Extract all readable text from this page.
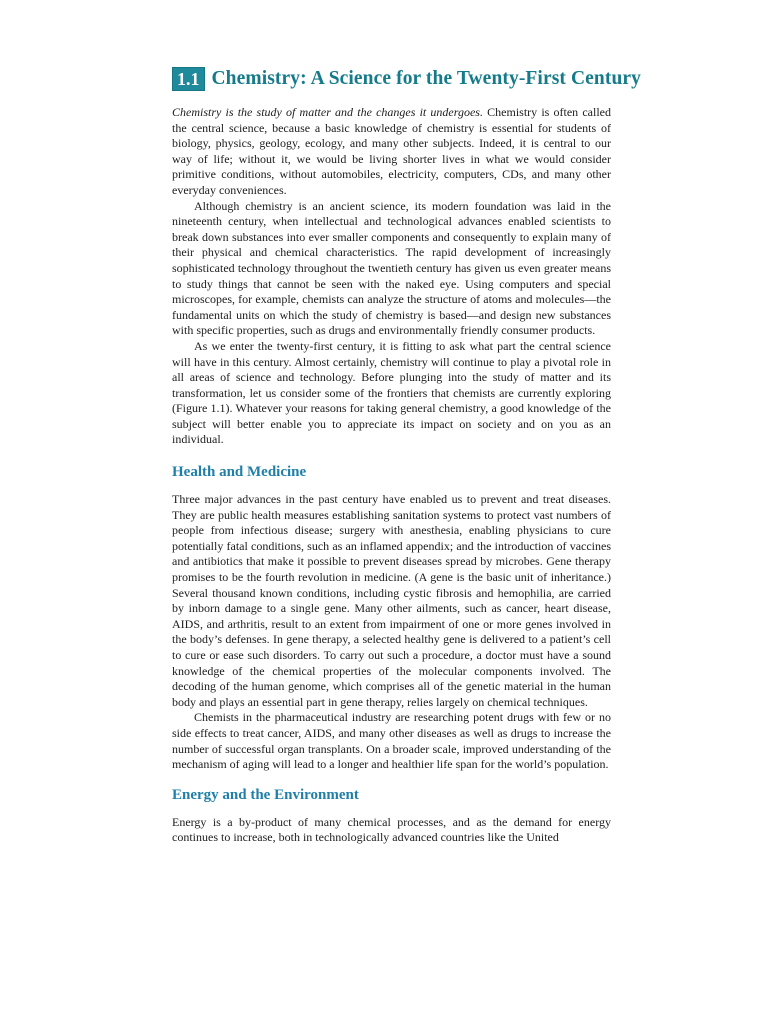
1.1 Chemistry: A Science for the Twenty-First Century

Chemistry is the study of matter and the changes it undergoes. Chemistry is often called the central science, because a basic knowledge of chemistry is essential for students of biology, physics, geology, ecology, and many other subjects. Indeed, it is central to our way of life; without it, we would be living shorter lives in what we would consider primitive conditions, without automobiles, electricity, computers, CDs, and many other everyday conveniences.

Although chemistry is an ancient science, its modern foundation was laid in the nineteenth century, when intellectual and technological advances enabled scientists to break down substances into ever smaller components and consequently to explain many of their physical and chemical characteristics. The rapid development of increasingly sophisticated technology throughout the twentieth century has given us even greater means to study things that cannot be seen with the naked eye. Using computers and special microscopes, for example, chemists can analyze the structure of atoms and molecules—the fundamental units on which the study of chemistry is based—and design new substances with specific properties, such as drugs and environmentally friendly consumer products.

As we enter the twenty-first century, it is fitting to ask what part the central science will have in this century. Almost certainly, chemistry will continue to play a pivotal role in all areas of science and technology. Before plunging into the study of matter and its transformation, let us consider some of the frontiers that chemists are currently exploring (Figure 1.1). Whatever your reasons for taking general chemistry, a good knowledge of the subject will better enable you to appreciate its impact on society and on you as an individual.

Health and Medicine

Three major advances in the past century have enabled us to prevent and treat diseases. They are public health measures establishing sanitation systems to protect vast numbers of people from infectious disease; surgery with anesthesia, enabling physicians to cure potentially fatal conditions, such as an inflamed appendix; and the introduction of vaccines and antibiotics that make it possible to prevent diseases spread by microbes. Gene therapy promises to be the fourth revolution in medicine. (A gene is the basic unit of inheritance.) Several thousand known conditions, including cystic fibrosis and hemophilia, are carried by inborn damage to a single gene. Many other ailments, such as cancer, heart disease, AIDS, and arthritis, result to an extent from impairment of one or more genes involved in the body’s defenses. In gene therapy, a selected healthy gene is delivered to a patient’s cell to cure or ease such disorders. To carry out such a procedure, a doctor must have a sound knowledge of the chemical properties of the molecular components involved. The decoding of the human genome, which comprises all of the genetic material in the human body and plays an essential part in gene therapy, relies largely on chemical techniques.

Chemists in the pharmaceutical industry are researching potent drugs with few or no side effects to treat cancer, AIDS, and many other diseases as well as drugs to increase the number of successful organ transplants. On a broader scale, improved understanding of the mechanism of aging will lead to a longer and healthier life span for the world’s population.

Energy and the Environment

Energy is a by-product of many chemical processes, and as the demand for energy continues to increase, both in technologically advanced countries like the United
